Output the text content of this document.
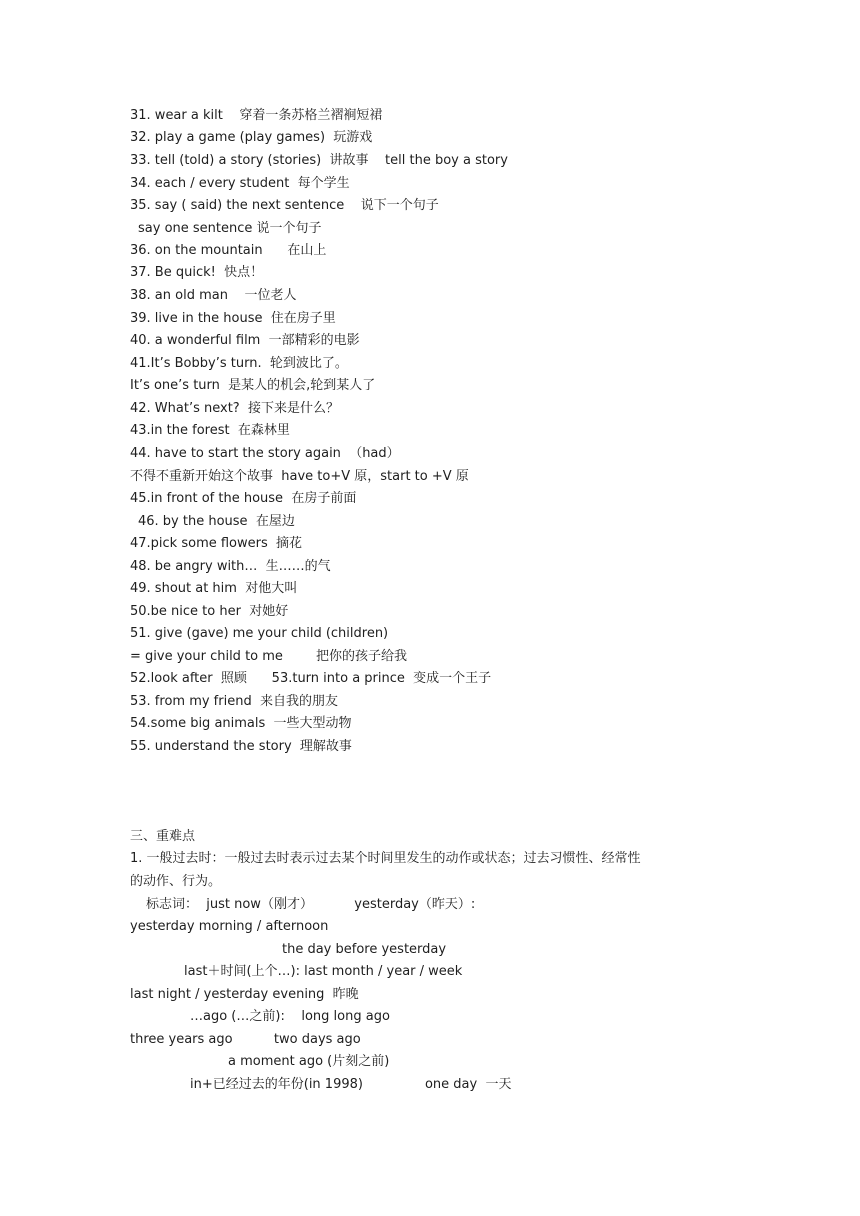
31. wear a kilt    穿着一条苏格兰褶裥短裙
32. play a game (play games)  玩游戏
33. tell (told) a story (stories)  讲故事    tell the boy a story
34. each / every student  每个学生
35. say ( said) the next sentence    说下一个句子
say one sentence 说一个句子
36. on the mountain      在山上
37. Be quick!  快点！
38. an old man    一位老人
39. live in the house  住在房子里
40. a wonderful film  一部精彩的电影
41.It’s Bobby’s turn.  轮到波比了。
It’s one’s turn  是某人的机会,轮到某人了
42. What’s next?  接下来是什么？
43.in the forest  在森林里
44. have to start the story again  （had）
不得不重新开始这个故事  have to+V 原，start to +V 原
45.in front of the house  在房子前面
46. by the house  在屋边
47.pick some flowers  摘花
48. be angry with…  生……的气
49. shout at him  对他大叫
50.be nice to her  对她好
51. give (gave) me your child (children)
= give your child to me        把你的孩子给我
52.look after  照顾      53.turn into a prince  变成一个王子
53. from my friend  来自我的朋友
54.some big animals  一些大型动物
55. understand the story  理解故事
三、重难点
1. 一般过去时：一般过去时表示过去某个时间里发生的动作或状态；过去习惯性、经常性
的动作、行为。
标志词：  just now（刚才）          yesterday（昨天）:
yesterday morning / afternoon
the day before yesterday
last＋时间(上个…): last month / year / week
last night / yesterday evening  昨晚
…ago (…之前):    long long ago
three years ago          two days ago
a moment ago (片刻之前)
in+已经过去的年份(in 1998)               one day  一天
